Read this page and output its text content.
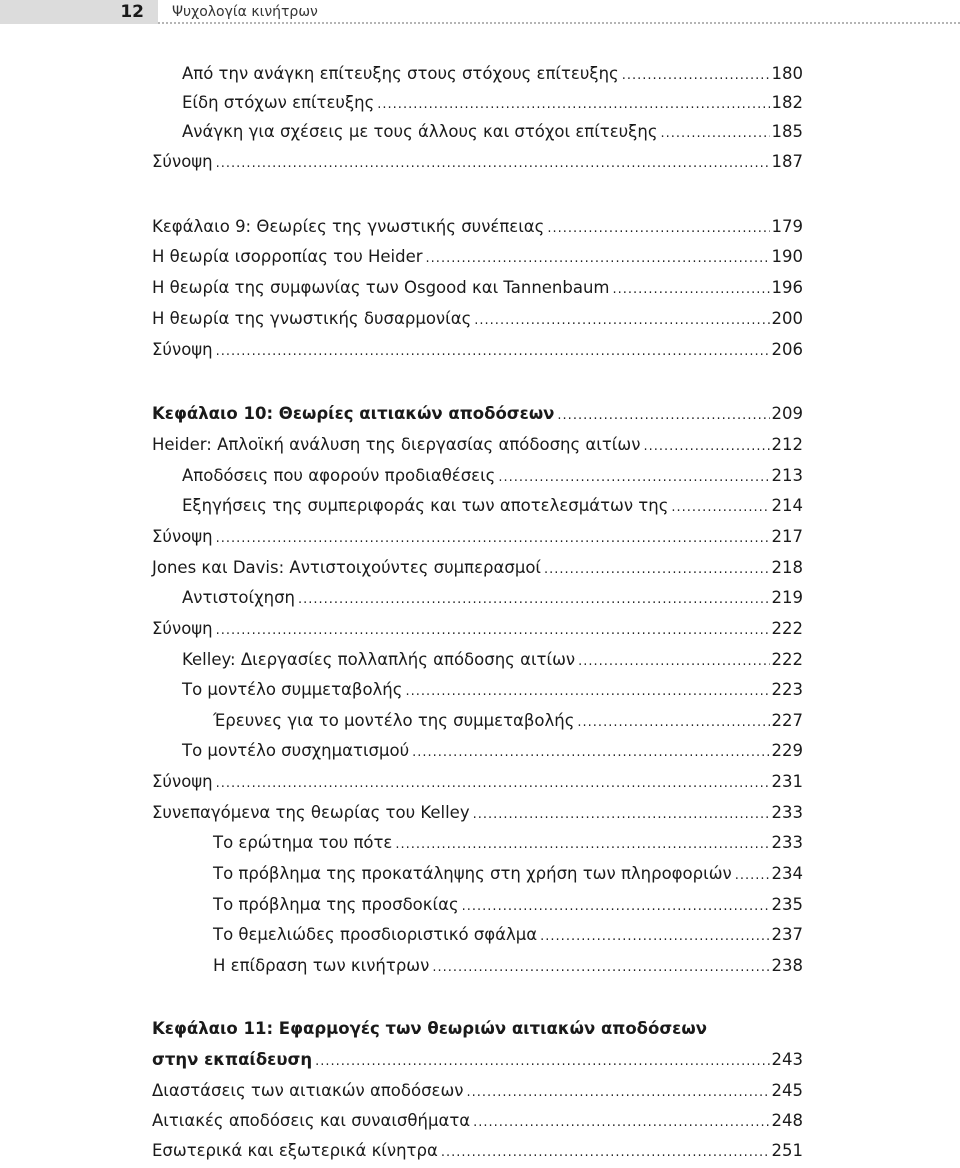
12	Ψυχολογία κινήτρων
Από την ανάγκη επίτευξης στους στόχους επίτευξης .....	180
Είδη στόχων επίτευξης .....	182
Ανάγκη για σχέσεις με τους άλλους και στόχοι επίτευξης .....	185
Σύνοψη .....	187
Κεφάλαιο 9: Θεωρίες της γνωστικής συνέπειας .....	179
Η θεωρία ισορροπίας του Heider .....	190
Η θεωρία της συμφωνίας των Osgood και Tannenbaum .....	196
Η θεωρία της γνωστικής δυσαρμονίας .....	200
Σύνοψη .....	206
Κεφάλαιο 10: Θεωρίες αιτιακών αποδόσεων .....	209
Heider: Απλοϊκή ανάλυση της διεργασίας απόδοσης αιτίων .....	212
Αποδόσεις που αφορούν προδιαθέσεις .....	213
Εξηγήσεις της συμπεριφοράς και των αποτελεσμάτων της .....	214
Σύνοψη .....	217
Jones και Davis: Αντιστοιχούντες συμπερασμοί .....	218
Αντιστοίχηση .....	219
Σύνοψη .....	222
Kelley: Διεργασίες πολλαπλής απόδοσης αιτίων .....	222
Το μοντέλο συμμεταβολής .....	223
Έρευνες για το μοντέλο της συμμεταβολής .....	227
Το μοντέλο συσχηματισμού .....	229
Σύνοψη .....	231
Συνεπαγόμενα της θεωρίας του Kelley .....	233
Το ερώτημα του πότε .....	233
Το πρόβλημα της προκατάληψης στη χρήση των πληροφοριών ..... 234
Το πρόβλημα της προσδοκίας .....	235
Το θεμελιώδες προσδιοριστικό σφάλμα .....	237
Η επίδραση των κινήτρων .....	238
Κεφάλαιο 11: Εφαρμογές των θεωριών αιτιακών αποδόσεων
στην εκπαίδευση .....	243
Διαστάσεις των αιτιακών αποδόσεων .....	245
Αιτιακές αποδόσεις και συναισθήματα .....	248
Εσωτερικά και εξωτερικά κίνητρα .....	251
